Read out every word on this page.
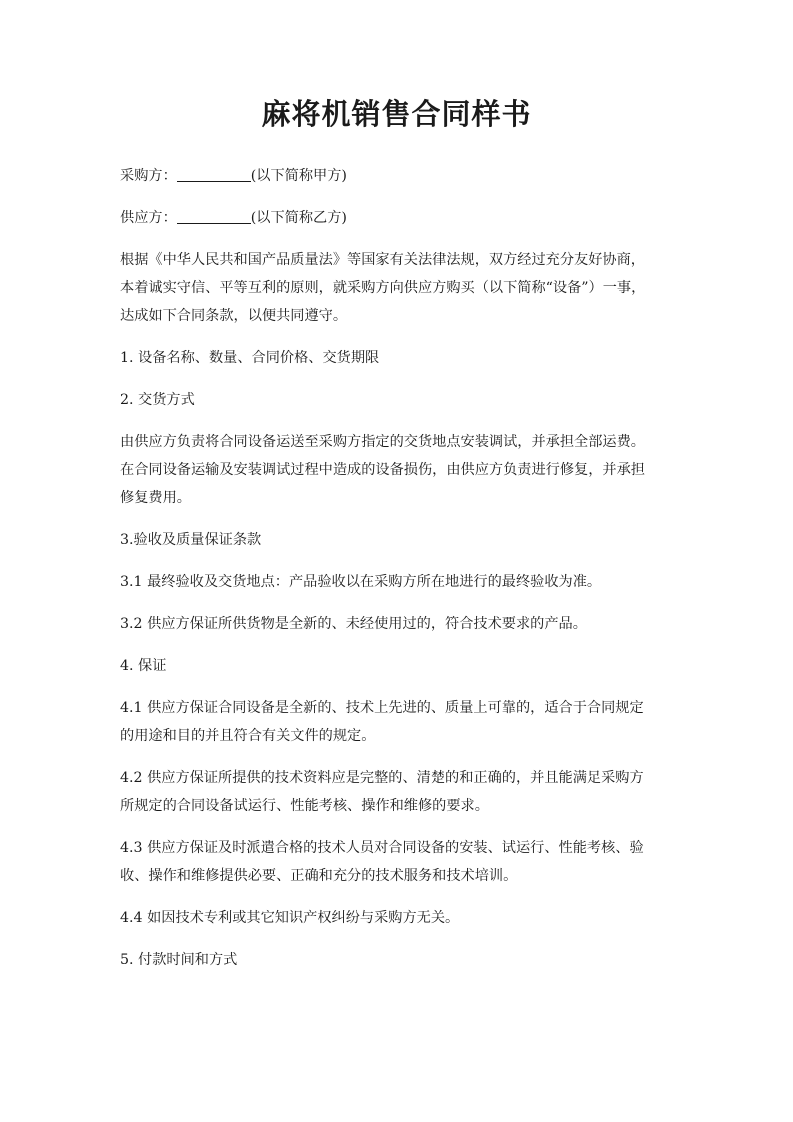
麻将机销售合同样书
采购方：	(以下简称甲方)
供应方：	(以下简称乙方)
根据《中华人民共和国产品质量法》等国家有关法律法规，双方经过充分友好协商，
本着诚实守信、平等互利的原则，就采购方向供应方购买（以下简称“设备”）一事，
达成如下合同条款，以便共同遵守。
1. 设备名称、数量、合同价格、交货期限
2. 交货方式
由供应方负责将合同设备运送至采购方指定的交货地点安装调试，并承担全部运费。
在合同设备运输及安装调试过程中造成的设备损伤，由供应方负责进行修复，并承担
修复费用。
3.验收及质量保证条款
3.1 最终验收及交货地点：产品验收以在采购方所在地进行的最终验收为准。
3.2 供应方保证所供货物是全新的、未经使用过的，符合技术要求的产品。
4. 保证
4.1 供应方保证合同设备是全新的、技术上先进的、质量上可靠的，适合于合同规定
的用途和目的并且符合有关文件的规定。
4.2 供应方保证所提供的技术资料应是完整的、清楚的和正确的，并且能满足采购方
所规定的合同设备试运行、性能考核、操作和维修的要求。
4.3 供应方保证及时派遣合格的技术人员对合同设备的安装、试运行、性能考核、验
收、操作和维修提供必要、正确和充分的技术服务和技术培训。
4.4 如因技术专利或其它知识产权纠纷与采购方无关。
5. 付款时间和方式
